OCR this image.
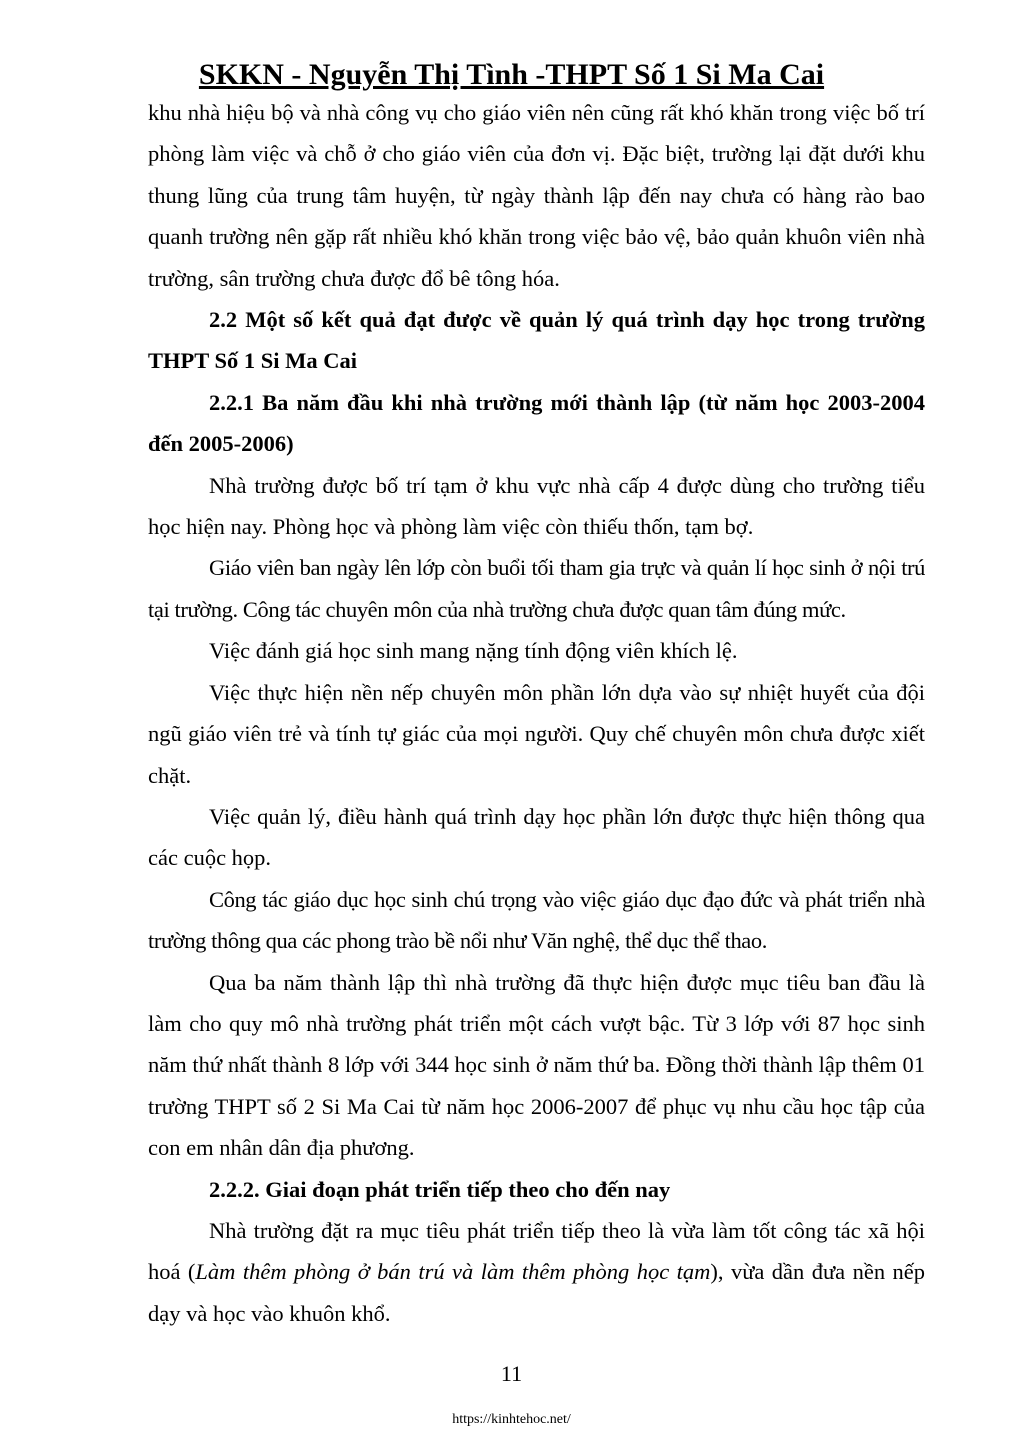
SKKN - Nguyễn Thị Tình -THPT Số 1 Si Ma Cai

khu nhà hiệu bộ và nhà công vụ cho giáo viên nên cũng rất khó khăn trong việc bố trí phòng làm việc và chỗ ở cho giáo viên của đơn vị. Đặc biệt, trường lại đặt dưới khu thung lũng của trung tâm huyện, từ ngày thành lập đến nay chưa có hàng rào bao quanh trường nên gặp rất nhiều khó khăn trong việc bảo vệ, bảo quản khuôn viên nhà trường, sân trường chưa được đổ bê tông hóa.

2.2 Một số kết quả đạt được về quản lý quá trình dạy học trong trường THPT Số 1 Si Ma Cai

2.2.1 Ba năm đầu khi nhà trường mới thành lập (từ năm học 2003-2004 đến 2005-2006)

Nhà trường được bố trí tạm ở khu vực nhà cấp 4 được dùng cho trường tiểu học hiện nay. Phòng học và phòng làm việc còn thiếu thốn, tạm bợ.

Giáo viên ban ngày lên lớp còn buổi tối tham gia trực và quản lí học sinh ở nội trú tại trường. Công tác chuyên môn của nhà trường chưa được quan tâm đúng mức.

Việc đánh giá học sinh mang nặng tính động viên khích lệ.

Việc thực hiện nền nếp chuyên môn phần lớn dựa vào sự nhiệt huyết của đội ngũ giáo viên trẻ và tính tự giác của mọi người. Quy chế chuyên môn chưa được xiết chặt.

Việc quản lý, điều hành quá trình dạy học phần lớn được thực hiện thông qua các cuộc họp.

Công tác giáo dục học sinh chú trọng vào việc giáo dục đạo đức và phát triển nhà trường thông qua các phong trào bề nổi như Văn nghệ, thể dục thể thao.

Qua ba năm thành lập thì nhà trường đã thực hiện được mục tiêu ban đầu là làm cho quy mô nhà trường phát triển một cách vượt bậc. Từ 3 lớp với 87 học sinh năm thứ nhất thành 8 lớp với 344 học sinh ở năm thứ ba. Đồng thời thành lập thêm 01 trường THPT số 2 Si Ma Cai từ năm học 2006-2007 để phục vụ nhu cầu học tập của con em nhân dân địa phương.

2.2.2. Giai đoạn phát triển tiếp theo cho đến nay

Nhà trường đặt ra mục tiêu phát triển tiếp theo là vừa làm tốt công tác xã hội hoá (Làm thêm phòng ở bán trú và làm thêm phòng học tạm), vừa dần đưa nền nếp dạy và học vào khuôn khổ.

11
https://kinhtehoc.net/
